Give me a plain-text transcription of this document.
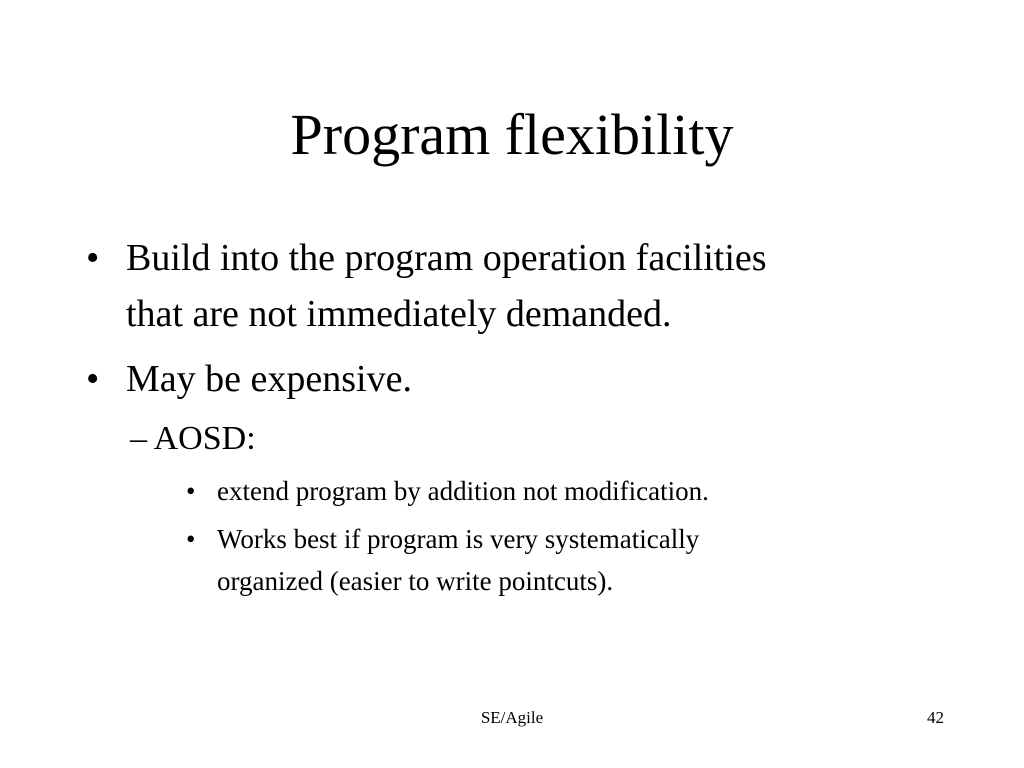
Program flexibility
• Build into the program operation facilities
that are not immediately demanded.
• May be expensive.
– AOSD:
• extend program by addition not modification.
• Works best if program is very systematically
organized (easier to write pointcuts).
SE/Agile	42
